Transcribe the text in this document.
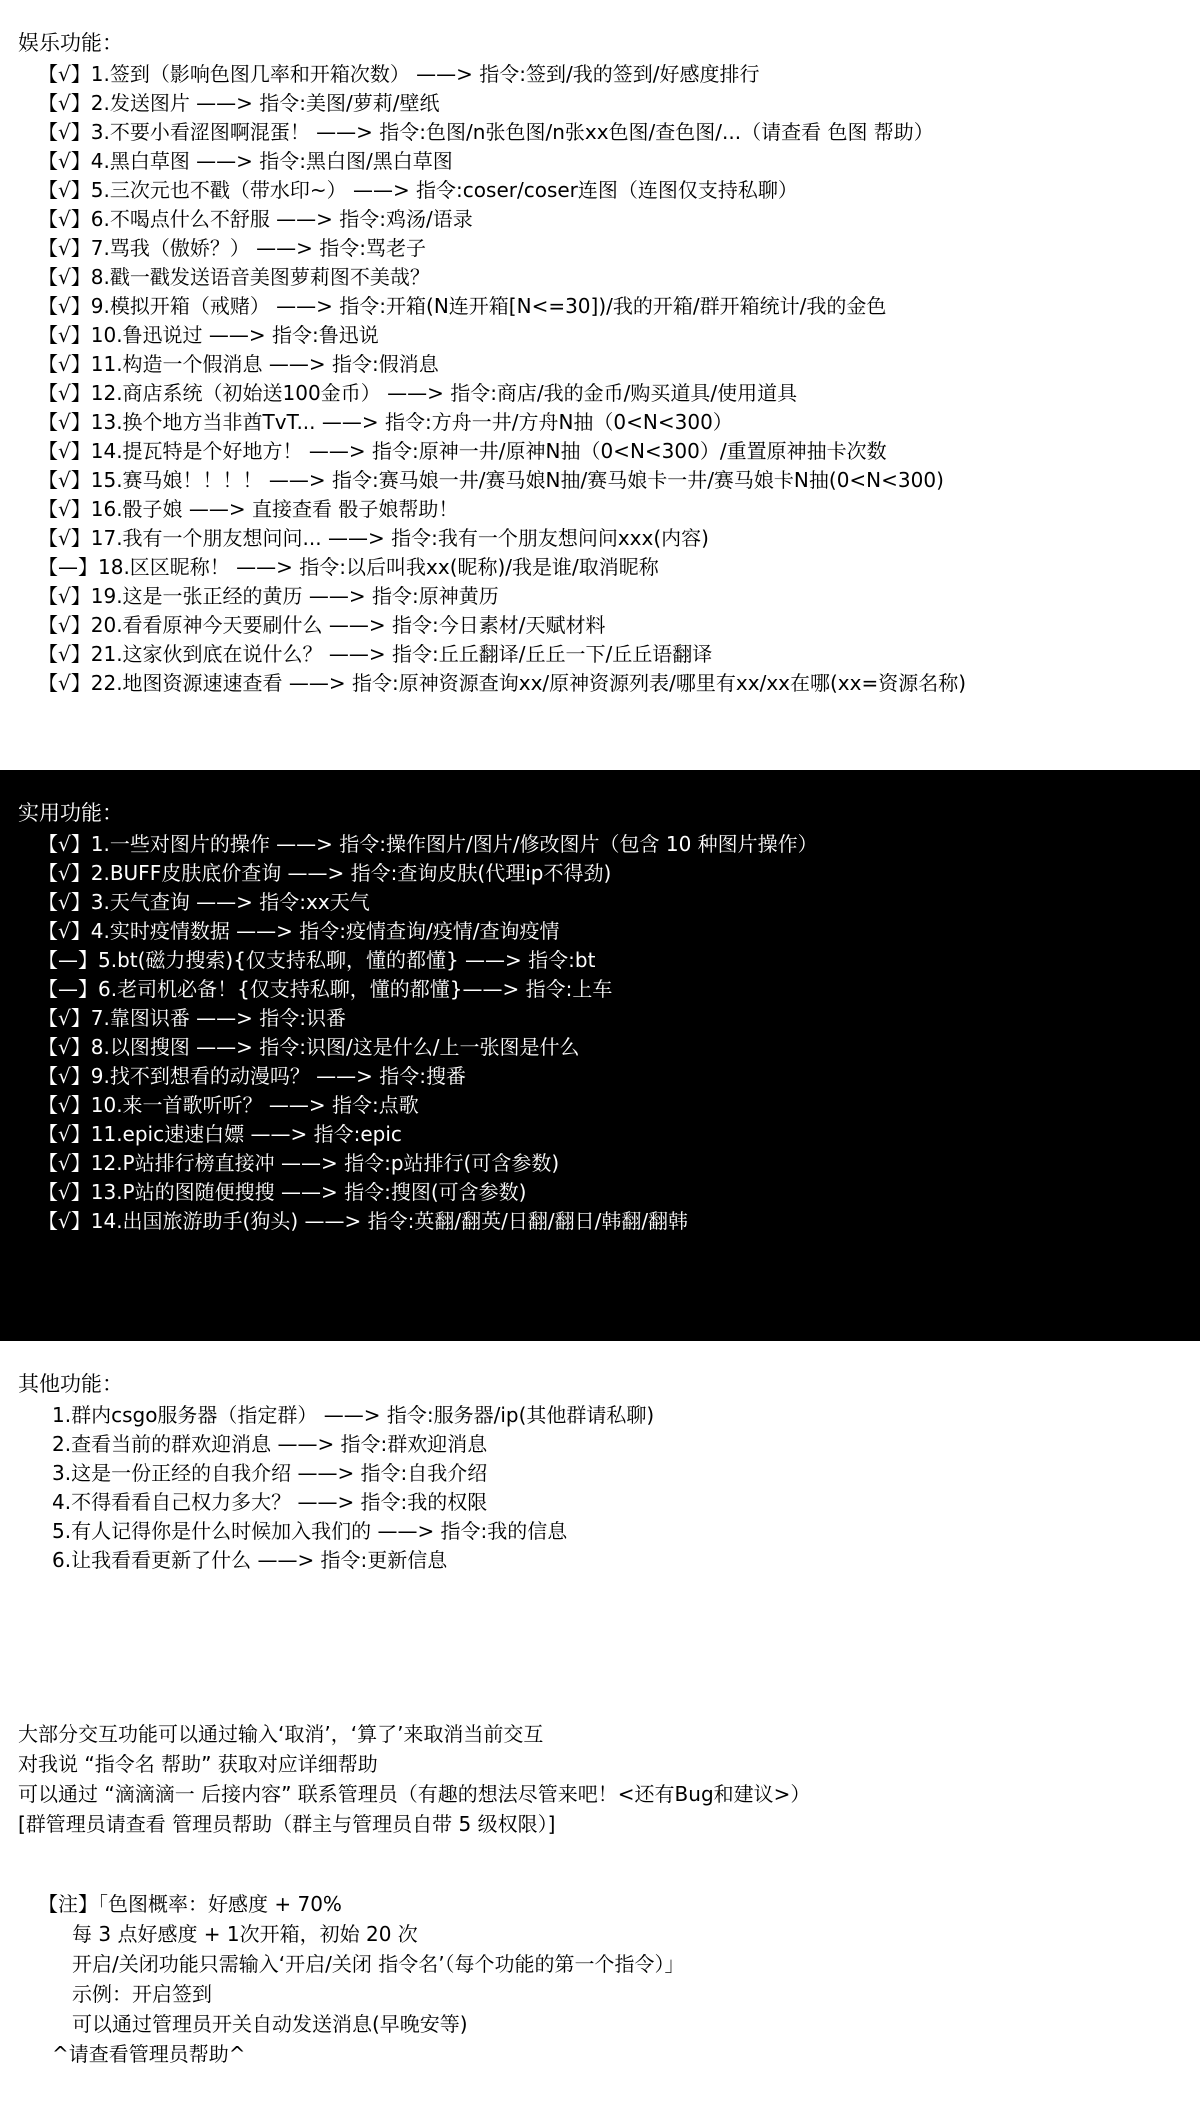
娱乐功能：
【√】1.签到（影响色图几率和开箱次数） ——> 指令:签到/我的签到/好感度排行
【√】2.发送图片 ——> 指令:美图/萝莉/壁纸
【√】3.不要小看涩图啊混蛋！ ——> 指令:色图/n张色图/n张xx色图/查色图/...（请查看 色图 帮助）
【√】4.黑白草图 ——> 指令:黑白图/黑白草图
【√】5.三次元也不戳（带水印~） ——> 指令:coser/coser连图（连图仅支持私聊）
【√】6.不喝点什么不舒服 ——> 指令:鸡汤/语录
【√】7.骂我（傲娇？） ——> 指令:骂老子
【√】8.戳一戳发送语音美图萝莉图不美哉？
【√】9.模拟开箱（戒赌） ——> 指令:开箱(N连开箱[N<=30])/我的开箱/群开箱统计/我的金色
【√】10.鲁迅说过 ——> 指令:鲁迅说
【√】11.构造一个假消息 ——> 指令:假消息
【√】12.商店系统（初始送100金币） ——> 指令:商店/我的金币/购买道具/使用道具
【√】13.换个地方当非酋TvT... ——> 指令:方舟一井/方舟N抽（0<N<300）
【√】14.提瓦特是个好地方！ ——> 指令:原神一井/原神N抽（0<N<300）/重置原神抽卡次数
【√】15.赛马娘！！！！ ——> 指令:赛马娘一井/赛马娘N抽/赛马娘卡一井/赛马娘卡N抽(0<N<300)
【√】16.骰子娘 ——> 直接查看 骰子娘帮助！
【√】17.我有一个朋友想问问... ——> 指令:我有一个朋友想问问xxx(内容)
【—】18.区区昵称！ ——> 指令:以后叫我xx(昵称)/我是谁/取消昵称
【√】19.这是一张正经的黄历 ——> 指令:原神黄历
【√】20.看看原神今天要刷什么 ——> 指令:今日素材/天赋材料
【√】21.这家伙到底在说什么？ ——> 指令:丘丘翻译/丘丘一下/丘丘语翻译
【√】22.地图资源速速查看 ——> 指令:原神资源查询xx/原神资源列表/哪里有xx/xx在哪(xx=资源名称)
实用功能：
【√】1.一些对图片的操作 ——> 指令:操作图片/图片/修改图片（包含 10 种图片操作）
【√】2.BUFF皮肤底价查询 ——> 指令:查询皮肤(代理ip不得劲)
【√】3.天气查询 ——> 指令:xx天气
【√】4.实时疫情数据 ——> 指令:疫情查询/疫情/查询疫情
【—】5.bt(磁力搜索){仅支持私聊，懂的都懂} ——> 指令:bt
【—】6.老司机必备！{仅支持私聊，懂的都懂}——> 指令:上车
【√】7.靠图识番 ——> 指令:识番
【√】8.以图搜图 ——> 指令:识图/这是什么/上一张图是什么
【√】9.找不到想看的动漫吗？ ——> 指令:搜番
【√】10.来一首歌听听？ ——> 指令:点歌
【√】11.epic速速白嫖 ——> 指令:epic
【√】12.P站排行榜直接冲 ——> 指令:p站排行(可含参数)
【√】13.P站的图随便搜搜 ——> 指令:搜图(可含参数)
【√】14.出国旅游助手(狗头) ——> 指令:英翻/翻英/日翻/翻日/韩翻/翻韩
其他功能：
1.群内csgo服务器（指定群） ——> 指令:服务器/ip(其他群请私聊)
2.查看当前的群欢迎消息 ——> 指令:群欢迎消息
3.这是一份正经的自我介绍 ——> 指令:自我介绍
4.不得看看自己权力多大？ ——> 指令:我的权限
5.有人记得你是什么时候加入我们的 ——> 指令:我的信息
6.让我看看更新了什么 ——> 指令:更新信息
大部分交互功能可以通过输入‘取消’，‘算了’来取消当前交互
对我说 “指令名 帮助” 获取对应详细帮助
可以通过 “滴滴滴一 后接内容” 联系管理员（有趣的想法尽管来吧！<还有Bug和建议>）
[群管理员请查看 管理员帮助（群主与管理员自带 5 级权限）]
【注】「色图概率：好感度 + 70%
每 3 点好感度 + 1次开箱，初始 20 次
开启/关闭功能只需输入‘开启/关闭 指令名’（每个功能的第一个指令）」
示例：开启签到
可以通过管理员开关自动发送消息(早晚安等)
^请查看管理员帮助^
